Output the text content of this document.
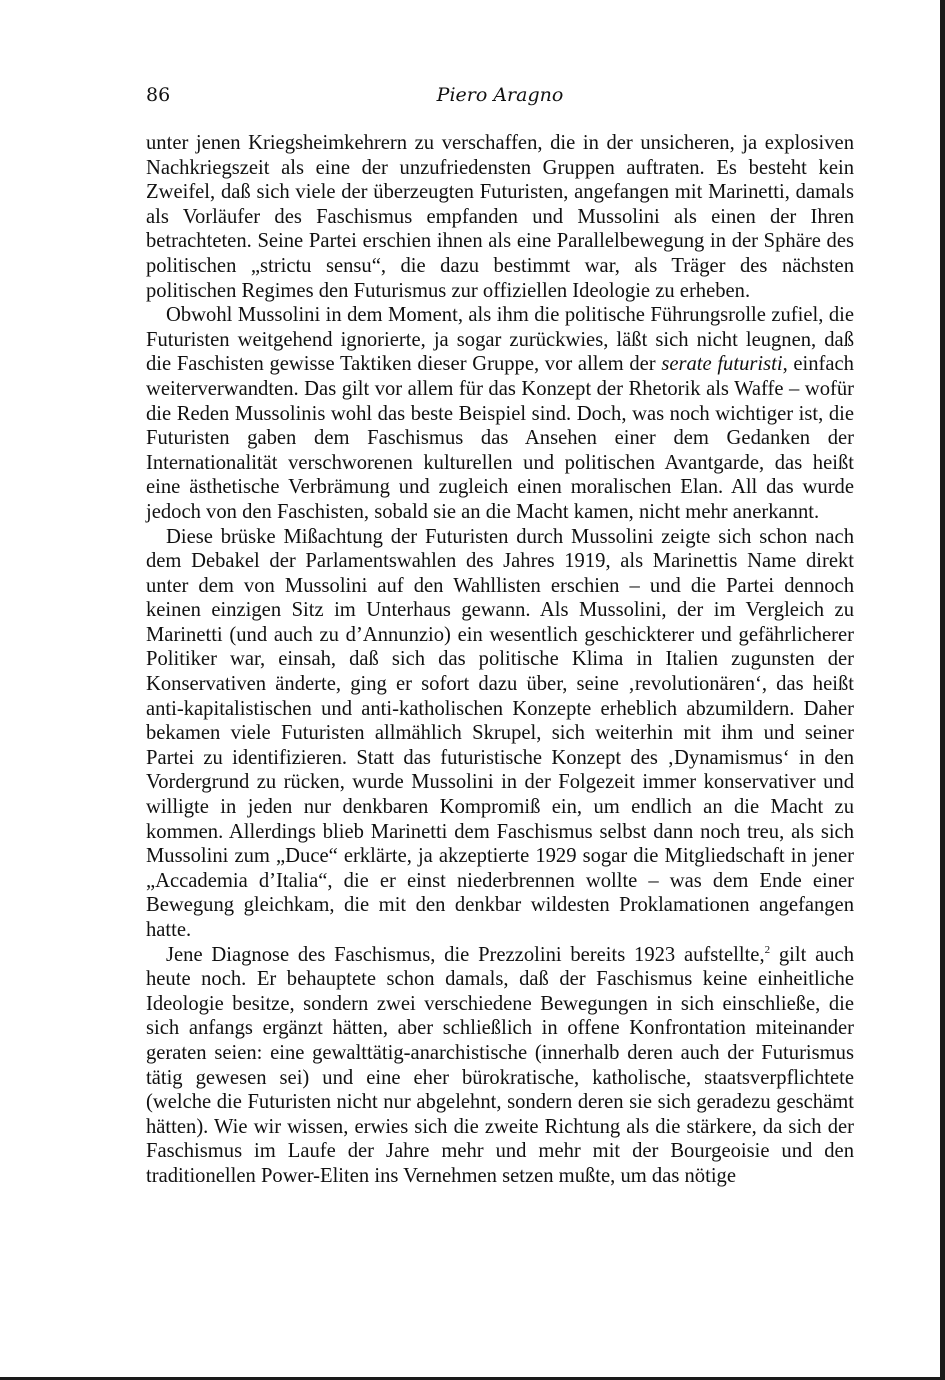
86	Piero Aragno

unter jenen Kriegsheimkehrern zu verschaffen, die in der unsicheren, ja explosiven Nachkriegszeit als eine der unzufriedensten Gruppen auftraten. Es besteht kein Zweifel, daß sich viele der überzeugten Futuristen, angefangen mit Marinetti, damals als Vorläufer des Faschismus empfanden und Mussolini als einen der Ihren betrachteten. Seine Partei erschien ihnen als eine Parallelbewegung in der Sphäre des politischen „strictu sensu“, die dazu bestimmt war, als Träger des nächsten politischen Regimes den Futurismus zur offiziellen Ideologie zu erheben.

Obwohl Mussolini in dem Moment, als ihm die politische Führungsrolle zufiel, die Futuristen weitgehend ignorierte, ja sogar zurückwies, läßt sich nicht leugnen, daß die Faschisten gewisse Taktiken dieser Gruppe, vor allem der serate futuristi, einfach weiterverwandten. Das gilt vor allem für das Konzept der Rhetorik als Waffe – wofür die Reden Mussolinis wohl das beste Beispiel sind. Doch, was noch wichtiger ist, die Futuristen gaben dem Faschismus das Ansehen einer dem Gedanken der Internationalität verschworenen kulturellen und politischen Avantgarde, das heißt eine ästhetische Verbrämung und zugleich einen moralischen Elan. All das wurde jedoch von den Faschisten, sobald sie an die Macht kamen, nicht mehr anerkannt.

Diese brüske Mißachtung der Futuristen durch Mussolini zeigte sich schon nach dem Debakel der Parlamentswahlen des Jahres 1919, als Marinettis Name direkt unter dem von Mussolini auf den Wahllisten erschien – und die Partei dennoch keinen einzigen Sitz im Unterhaus gewann. Als Mussolini, der im Vergleich zu Marinetti (und auch zu d’Annunzio) ein wesentlich geschickterer und gefährlicherer Politiker war, einsah, daß sich das politische Klima in Italien zugunsten der Konservativen änderte, ging er sofort dazu über, seine ‚revolutionären‘, das heißt anti-kapitalistischen und anti-katholischen Konzepte erheblich abzumildern. Daher bekamen viele Futuristen allmählich Skrupel, sich weiterhin mit ihm und seiner Partei zu identifizieren. Statt das futuristische Konzept des ‚Dynamismus‘ in den Vordergrund zu rücken, wurde Mussolini in der Folgezeit immer konservativer und willigte in jeden nur denkbaren Kompromiß ein, um endlich an die Macht zu kommen. Allerdings blieb Marinetti dem Faschismus selbst dann noch treu, als sich Mussolini zum „Duce“ erklärte, ja akzeptierte 1929 sogar die Mitgliedschaft in jener „Accademia d’Italia“, die er einst niederbrennen wollte – was dem Ende einer Bewegung gleichkam, die mit den denkbar wildesten Proklamationen angefangen hatte.

Jene Diagnose des Faschismus, die Prezzolini bereits 1923 aufstellte,$^2$ gilt auch heute noch. Er behauptete schon damals, daß der Faschismus keine einheitliche Ideologie besitze, sondern zwei verschiedene Bewegungen in sich einschließe, die sich anfangs ergänzt hätten, aber schließlich in offene Konfrontation miteinander geraten seien: eine gewalttätig-anarchistische (innerhalb deren auch der Futurismus tätig gewesen sei) und eine eher bürokratische, katholische, staatsverpflichtete (welche die Futuristen nicht nur abgelehnt, sondern deren sie sich geradezu geschämt hätten). Wie wir wissen, erwies sich die zweite Richtung als die stärkere, da sich der Faschismus im Laufe der Jahre mehr und mehr mit der Bourgeoisie und den traditionellen Power-Eliten ins Vernehmen setzen mußte, um das nötige
